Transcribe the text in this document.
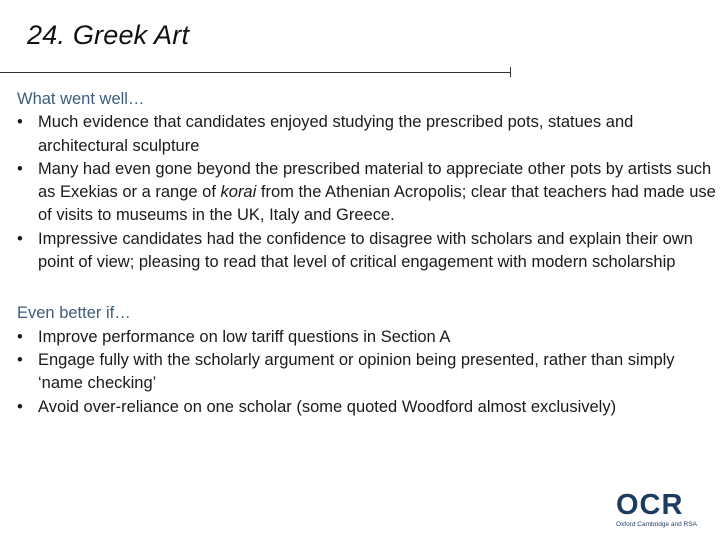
24. Greek Art

What went well…

• Much evidence that candidates enjoyed studying the prescribed pots, statues and architectural sculpture
• Many had even gone beyond the prescribed material to appreciate other pots by artists such as Exekias or a range of korai from the Athenian Acropolis; clear that teachers had made use of visits to museums in the UK, Italy and Greece.
• Impressive candidates had the confidence to disagree with scholars and explain their own point of view; pleasing to read that level of critical engagement with modern scholarship

Even better if…

• Improve performance on low tariff questions in Section A
• Engage fully with the scholarly argument or opinion being presented, rather than simply ‘name checking’
• Avoid over-reliance on one scholar (some quoted Woodford almost exclusively)
OCR
Oxford Cambridge and RSA
